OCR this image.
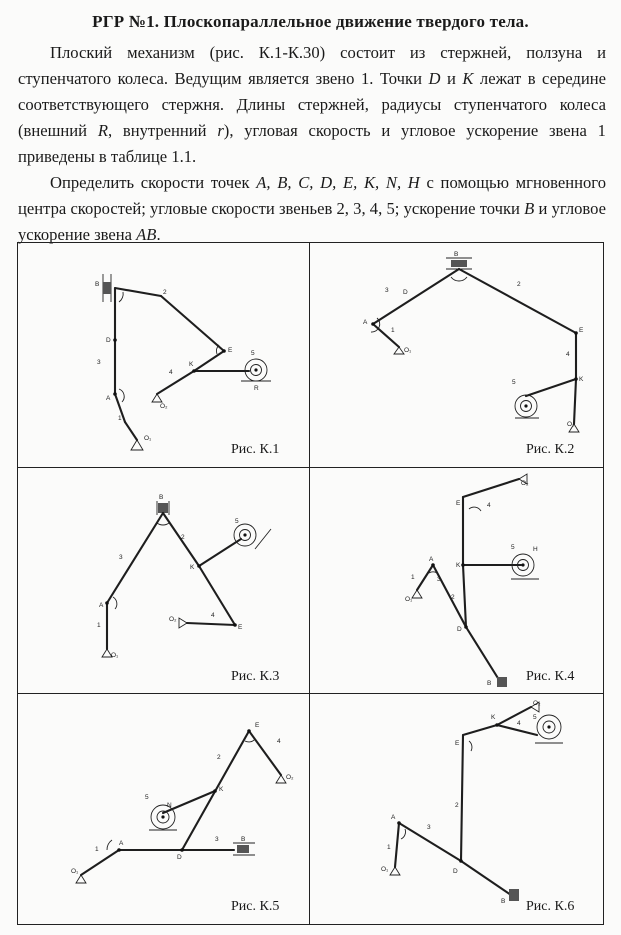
РГР №1. Плоскопараллельное движение твердого тела.
Плоский механизм (рис. К.1-К.30) состоит из стержней, ползуна и ступенчатого колеса. Ведущим является звено 1. Точки D и K лежат в середине соответствующего стержня. Длины стержней, радиусы ступенчатого колеса (внешний R, внутренний r), угловая скорость и угловое ускорение звена 1 приведены в таблице 1.1.
Определить скорости точек A, B, C, D, E, K, N, H с помощью мгновенного центра скоростей; угловые скорости звеньев 2, 3, 4, 5; ускорение точки B и угловое ускорение звена AB.
B
2
D
3
A
1
O₁
E	5
4
K
O₂
R
Рис. К.1
B
2
3 D
A
1
O₁
E
4
K
5
O₂
Рис. К.2
B
2
3
A
1
O₁
K
5
4
O₂
E
Рис. К.3
O₂
E	4
K
5	H
A
2
O₁
1	3
D
B Рис. К.4
E
4
O₂
2
K
5
N
O₁
A
1
D
3	B
Рис. К.5
O₂
K
4
5
E
2
A
3
1
O₁	D
B Рис. К.6
